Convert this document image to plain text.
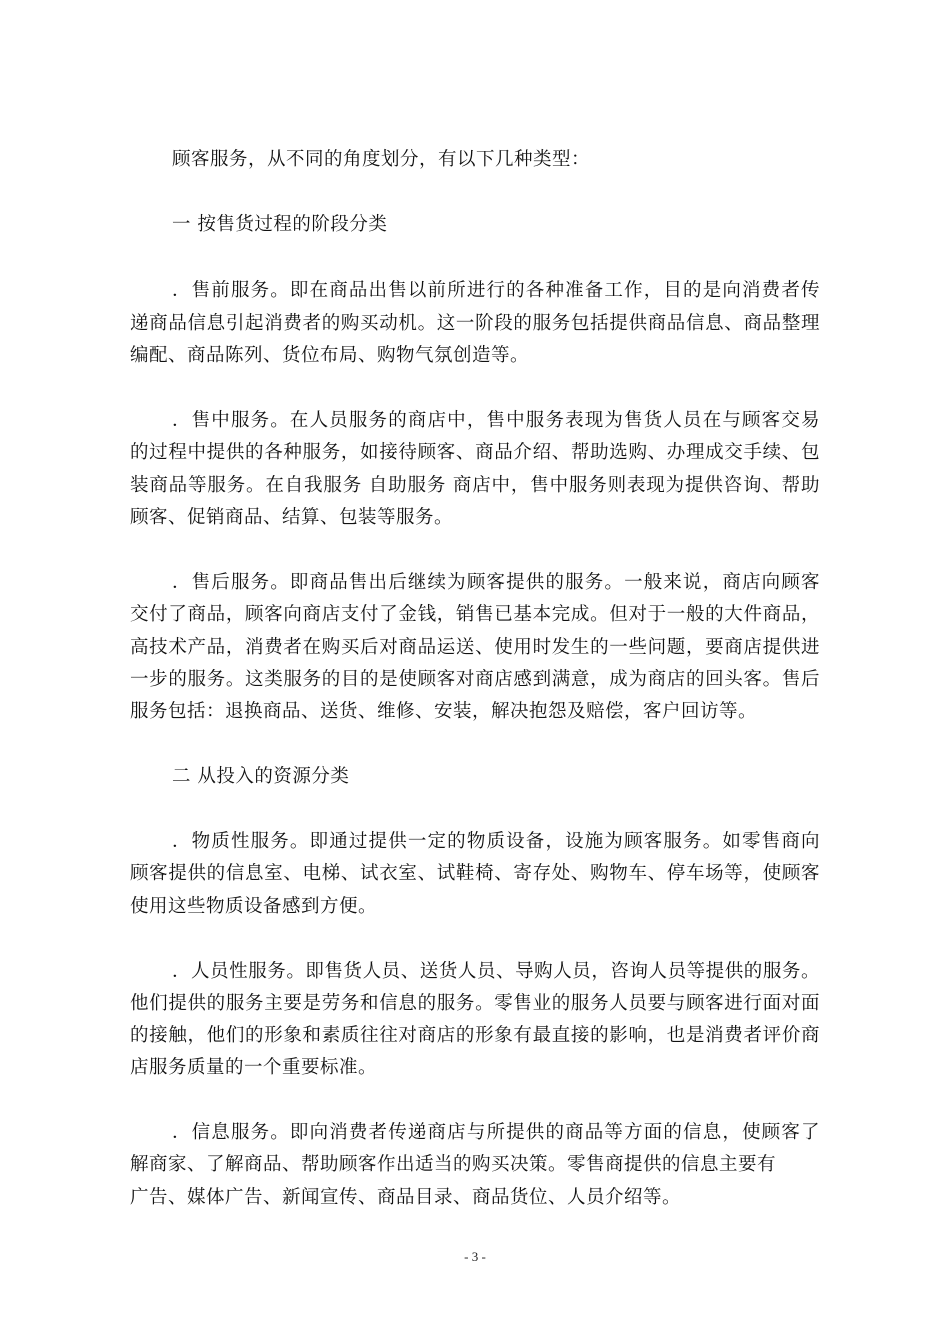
顾客服务，从不同的角度划分，有以下几种类型：
一 按售货过程的阶段分类
．售前服务。即在商品出售以前所进行的各种准备工作，目的是向消费者传
递商品信息引起消费者的购买动机。这一阶段的服务包括提供商品信息、商品整理
编配、商品陈列、货位布局、购物气氛创造等。
．售中服务。在人员服务的商店中，售中服务表现为售货人员在与顾客交易
的过程中提供的各种服务，如接待顾客、商品介绍、帮助选购、办理成交手续、包
装商品等服务。在自我服务 自助服务 商店中，售中服务则表现为提供咨询、帮助
顾客、促销商品、结算、包装等服务。
．售后服务。即商品售出后继续为顾客提供的服务。一般来说，商店向顾客
交付了商品，顾客向商店支付了金钱，销售已基本完成。但对于一般的大件商品，
高技术产品，消费者在购买后对商品运送、使用时发生的一些问题，要商店提供进
一步的服务。这类服务的目的是使顾客对商店感到满意，成为商店的回头客。售后
服务包括：退换商品、送货、维修、安装，解决抱怨及赔偿，客户回访等。
二 从投入的资源分类
．物质性服务。即通过提供一定的物质设备，设施为顾客服务。如零售商向
顾客提供的信息室、电梯、试衣室、试鞋椅、寄存处、购物车、停车场等，使顾客
使用这些物质设备感到方便。
．人员性服务。即售货人员、送货人员、导购人员，咨询人员等提供的服务。
他们提供的服务主要是劳务和信息的服务。零售业的服务人员要与顾客进行面对面
的接触，他们的形象和素质往往对商店的形象有最直接的影响，也是消费者评价商
店服务质量的一个重要标准。
．信息服务。即向消费者传递商店与所提供的商品等方面的信息，使顾客了
解商家、了解商品、帮助顾客作出适当的购买决策。零售商提供的信息主要有
广告、媒体广告、新闻宣传、商品目录、商品货位、人员介绍等。
- 3 -
